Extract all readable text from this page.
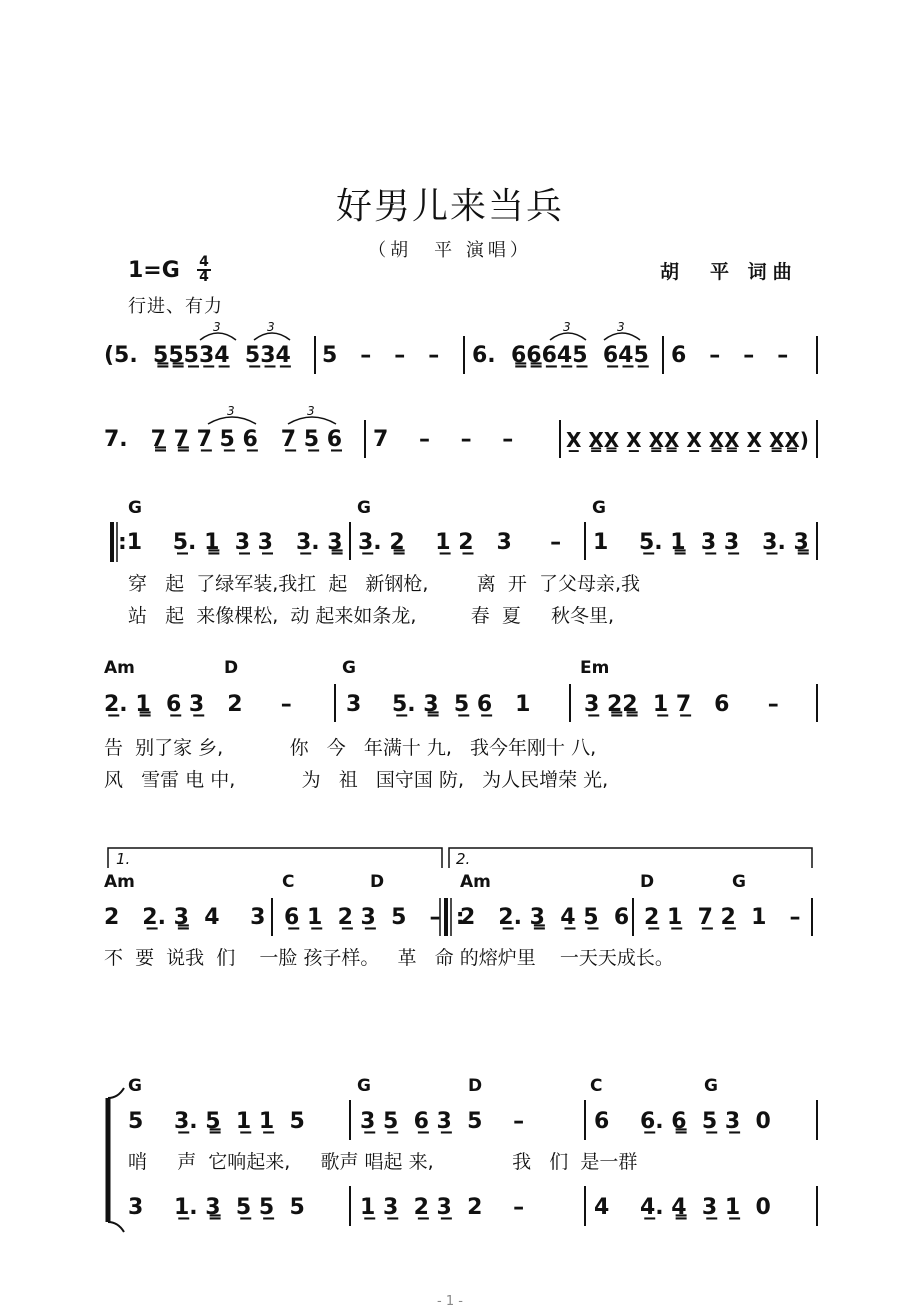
好男儿来当兵
（胡　平 演唱）
1=G 4
4	胡　平 词曲
行进、有力
3	3	3	3
3	3
(5.  5̳5̳5̲3̲4̲  5̲3̲4̲ 5   –   –   – 6.  6̳6̳6̲4̲5̲  6̲4̲5̲ 6   –   –   –
7.   7̳ 7̳ 7̲ 5̲ 6̲   7̲ 5̲ 6̲ 7    –    –    –	X̲ X̳X̳ X̲ X̳X̳ X̲ X̳X̳ X̲ X̳X̳)
G	G	G
:1    5̲. 1̳  3̲ 3̲   3̲. 3̳ 3̲. 2̳    1̲ 2̲   3     – 1    5̲. 1̳  3̲ 3̲   3̲. 3̳
穿   起  了绿军装,我扛  起   新钢枪,        离  开  了父母亲,我
站   起  来像棵松,  动 起来如条龙,         春  夏     秋冬里,
Am	D	G	Em
2̲. 1̳  6̲ 3̲   2     – 3    5̲. 3̳  5̲ 6̲   1 3̲ 2̳2̳  1̲ 7̲   6     –
告  别了家 乡,           你   今   年满十 九,   我今年刚十 八,
风   雪雷 电 中,           为   祖   国守国 防,   为人民增荣 光,
1.	2.
Am	C	D	Am	D	G
2   2̲. 3̳  4    3 6̲ 1̲  2̲ 3̲  5   –  :
2   2̲. 3̳  4̲ 5̲  6 2̲ 1̲  7̲ 2̲  1   –
不  要  说我  们    一脸 孩子样。   革   命 的熔炉里    一天天成长。
G	G	D	C	G
5    3̲. 5̳  1̲ 1̲  5	3̲ 5̲  6̲ 3̲  5    –	6    6̲. 6̳  5̲ 3̲  0
哨     声  它响起来,     歌声 唱起 来,             我   们  是一群
3    1̲. 3̳  5̲ 5̲  5	1̲ 3̲  2̲ 3̲  2    –	4    4̲. 4̳  3̲ 1̲  0
- 1 -
